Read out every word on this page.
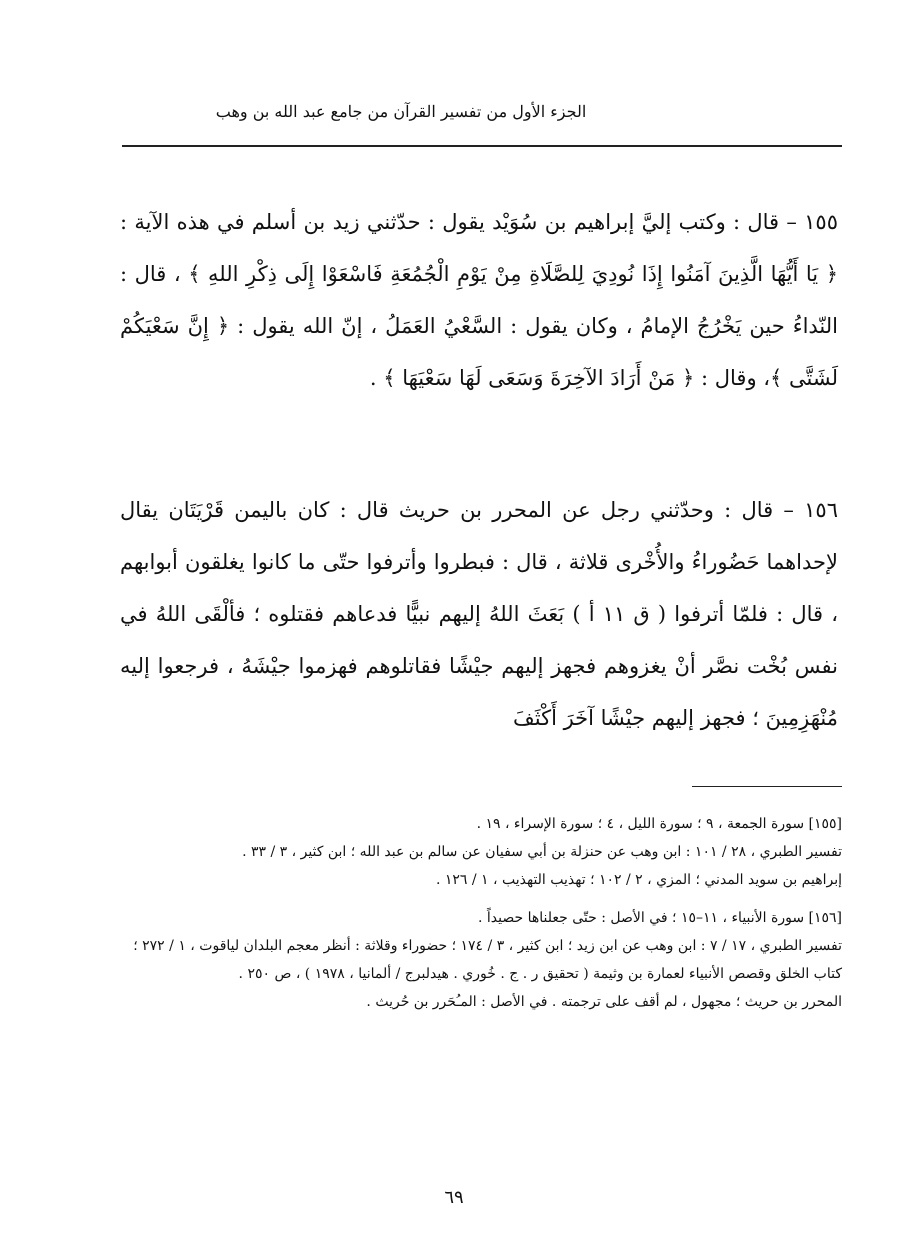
الجزء الأول من تفسير القرآن من جامع عبد الله بن وهب

١٥٥ – قال : وكتب إليَّ إبراهيم بن سُوَيْد يقول : حدّثني زيد بن أسلم في هذه الآية :﴿ يَا أَيُّهَا الَّذِينَ آمَنُوا إِذَا نُودِيَ لِلصَّلَاةِ مِنْ يَوْمِ الْجُمُعَةِ فَاسْعَوْا إِلَى ذِكْرِ اللهِ ﴾ ، قال : النّداءُ حين يَخْرُجُ الإمامُ ، وكان يقول : السَّعْيُ العَمَلُ ، إنّ الله يقول : ﴿ إِنَّ سَعْيَكُمْ لَشَتَّى ﴾، وقال : ﴿ مَنْ أَرَادَ الآخِرَةَ وَسَعَى لَهَا سَعْيَهَا ﴾ .

١٥٦ – قال : وحدّثني رجل عن المحرر بن حريث قال : كان باليمن قَرْيَتَان يقال لإحداهما حَضُوراءُ والأُخْرى قلاثة ، قال : فبطروا وأترفوا حتّى ما كانوا يغلقون أبوابهم ، قال : فلمّا أترفوا ( ق ١١ أ ) بَعَثَ اللهُ إليهم نبيًّا فدعاهم فقتلوه ؛ فألْقَى اللهُ في نفس بُخْت نصَّر أنْ يغزوهم فجهز إليهم جيْشًا فقاتلوهم فهزموا جيْشَهُ ، فرجعوا إليه مُنْهَزِمِينَ ؛ فجهز إليهم جيْشًا آخَرَ أَكْثَفَ

[١٥٥] سورة الجمعة ، ٩ ؛ سورة الليل ، ٤ ؛ سورة الإسراء ، ١٩ .

تفسير الطبري ، ٢٨ / ١٠١ : ابن وهب عن حنزلة بن أبي سفيان عن سالم بن عبد الله ؛ ابن كثير ، ٣ / ٣٣ .

إبراهيم بن سويد المدني ؛ المزي ، ٢ / ١٠٢ ؛ تهذيب التهذيب ، ١ / ١٢٦ .

[١٥٦] سورة الأنبياء ، ١١–١٥ ؛ في الأصل : حتّى جعلناها حصيداً .

تفسير الطبري ، ١٧ / ٧ : ابن وهب عن ابن زيد ؛ ابن كثير ، ٣ / ١٧٤ ؛ حضوراء وقلاثة : أنظر معجم البلدان لياقوت ، ١ / ٢٧٢ ؛ كتاب الخلق وقصص الأنبياء لعمارة بن وثيمة ( تحقيق ر . ج . خُوري . هيدلبرج / ألمانيا ، ١٩٧٨ ) ، ص ٢٥٠ .

المحرر بن حريث ؛ مجهول ، لم أقف على ترجمته . في الأصل : المـُحَرر بن حُريث .

٦٩
